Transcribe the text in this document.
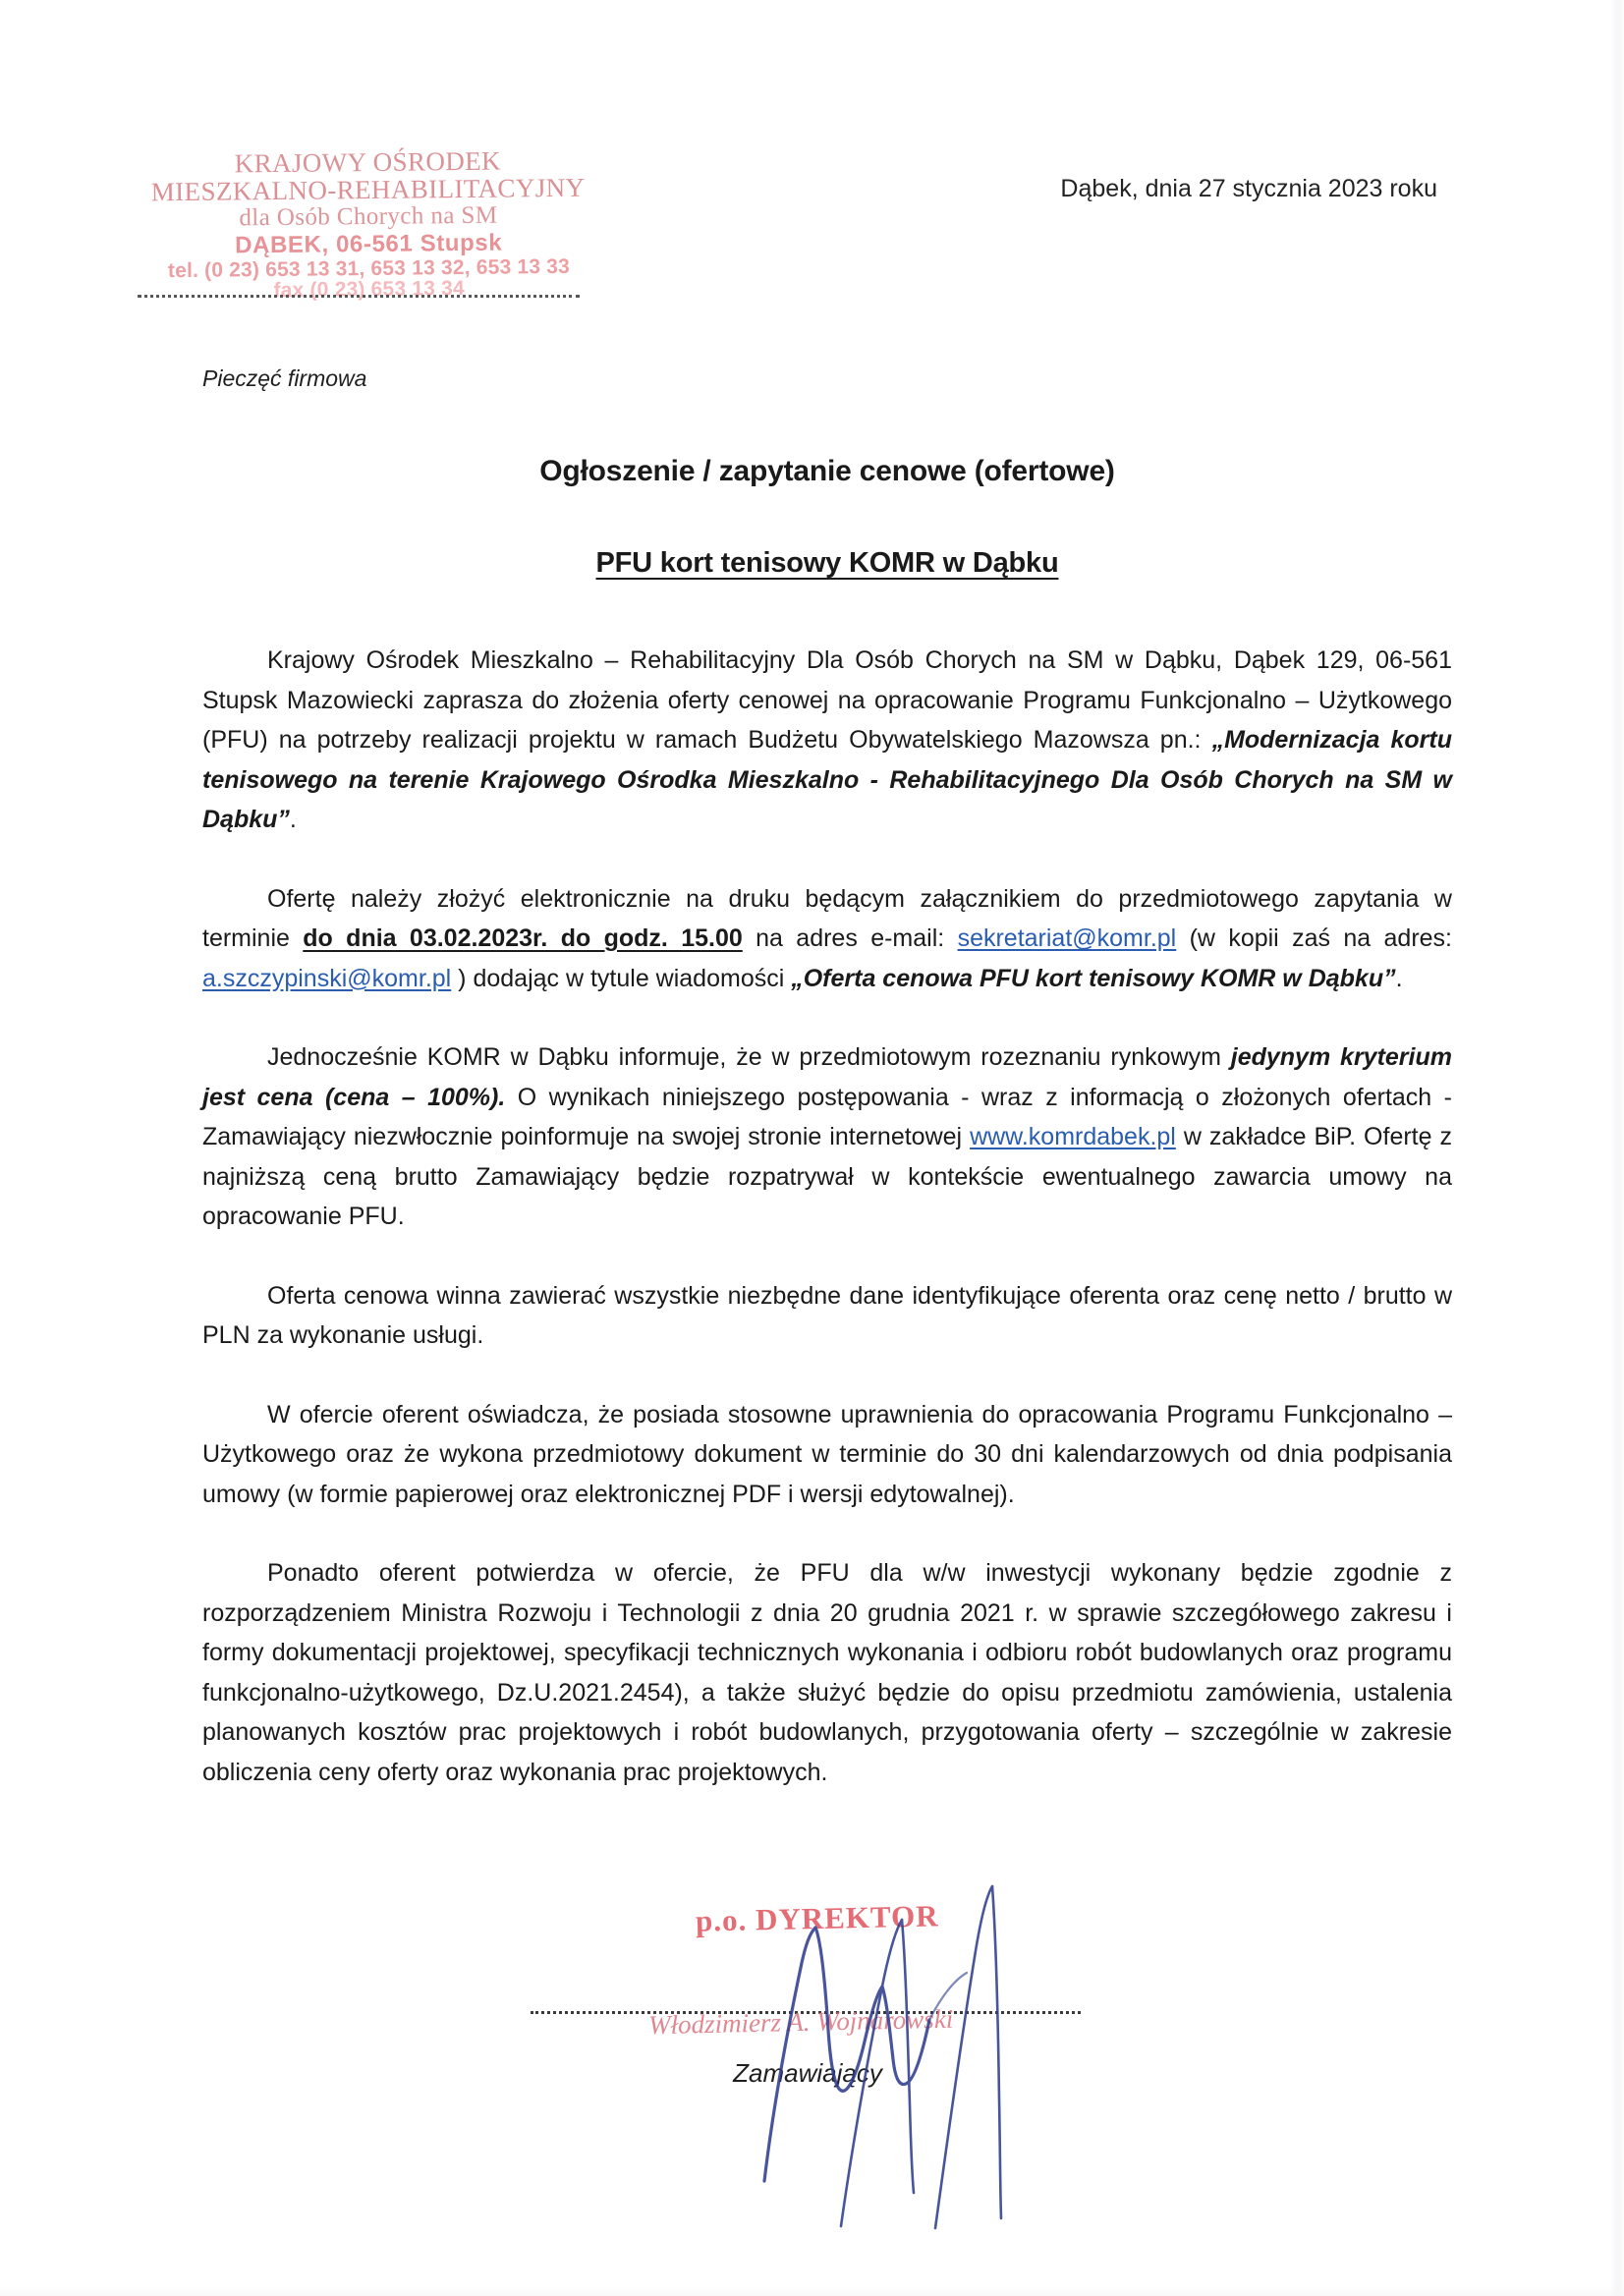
KRAJOWY OŚRODEK
MIESZKALNO-REHABILITACYJNY
dla Osób Chorych na SM
DĄBEK, 06-561 Stupsk
tel. (0 23) 653 13 31, 653 13 32, 653 13 33
fax (0 23) 653 13 34
Dąbek, dnia 27 stycznia 2023 roku

Pieczęć firmowa

Ogłoszenie / zapytanie cenowe (ofertowe)
PFU kort tenisowy KOMR w Dąbku

Krajowy Ośrodek Mieszkalno – Rehabilitacyjny Dla Osób Chorych na SM w Dąbku, Dąbek 129, 06-561 Stupsk Mazowiecki zaprasza do złożenia oferty cenowej na opracowanie Programu Funkcjonalno – Użytkowego (PFU) na potrzeby realizacji projektu w ramach Budżetu Obywatelskiego Mazowsza pn.: „Modernizacja kortu tenisowego na terenie Krajowego Ośrodka Mieszkalno - Rehabilitacyjnego Dla Osób Chorych na SM w Dąbku”.

Ofertę należy złożyć elektronicznie na druku będącym załącznikiem do przedmiotowego zapytania w terminie do dnia 03.02.2023r. do godz. 15.00 na adres e-mail: sekretariat@komr.pl (w kopii zaś na adres: a.szczypinski@komr.pl ) dodając w tytule wiadomości „Oferta cenowa PFU kort tenisowy KOMR w Dąbku”.

Jednocześnie KOMR w Dąbku informuje, że w przedmiotowym rozeznaniu rynkowym jedynym kryterium jest cena (cena – 100%). O wynikach niniejszego postępowania - wraz z informacją o złożonych ofertach - Zamawiający niezwłocznie poinformuje na swojej stronie internetowej www.komrdabek.pl w zakładce BiP. Ofertę z najniższą ceną brutto Zamawiający będzie rozpatrywał w kontekście ewentualnego zawarcia umowy na opracowanie PFU.

Oferta cenowa winna zawierać wszystkie niezbędne dane identyfikujące oferenta oraz cenę netto / brutto w PLN za wykonanie usługi.

W ofercie oferent oświadcza, że posiada stosowne uprawnienia do opracowania Programu Funkcjonalno – Użytkowego oraz że wykona przedmiotowy dokument w terminie do 30 dni kalendarzowych od dnia podpisania umowy (w formie papierowej oraz elektronicznej PDF i wersji edytowalnej).

Ponadto oferent potwierdza w ofercie, że PFU dla w/w inwestycji wykonany będzie zgodnie z rozporządzeniem Ministra Rozwoju i Technologii z dnia 20 grudnia 2021 r. w sprawie szczegółowego zakresu i formy dokumentacji projektowej, specyfikacji technicznych wykonania i odbioru robót budowlanych oraz programu funkcjonalno-użytkowego, Dz.U.2021.2454), a także służyć będzie do opisu przedmiotu zamówienia, ustalenia planowanych kosztów prac projektowych i robót budowlanych, przygotowania oferty – szczególnie w zakresie obliczenia ceny oferty oraz wykonania prac projektowych.

p.o. DYREKTOR
Włodzimierz A. Wojnarowski
Zamawiający
